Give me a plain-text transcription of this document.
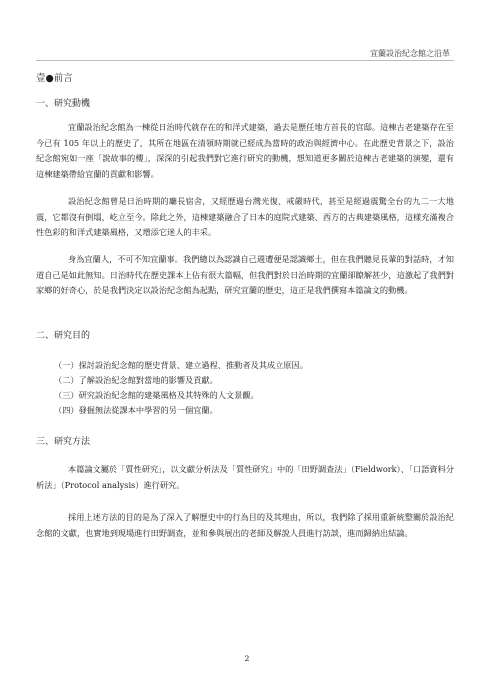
宜蘭設治紀念館之沿革
壹●前言
一、研究動機

宜蘭設治紀念館為一棟從日治時代就存在的和洋式建築，過去是歷任地方首長的官邸。這棟古老建築存在至今已有 105 年以上的歷史了，其所在地區在清領時期就已經成為當時的政治與經濟中心。在此歷史背景之下，設治紀念館宛如一座「說故事的樓」，深深的引起我們對它進行研究的動機，想知道更多關於這棟古老建築的演變，還有這棟建築帶給宜蘭的貢獻和影響。

設治紀念館曾是日治時期的廳長宿舍，又經歷過台灣光復、戒嚴時代，甚至是經過震驚全台的九二一大地震，它都沒有倒塌，屹立至今。除此之外，這棟建築融合了日本的庭院式建築、西方的古典建築風格，這樣充滿複合性色彩的和洋式建築風格，又增添它迷人的丰采。

身為宜蘭人，不可不知宜蘭事。我們總以為認識自己週遭便是認識鄉土，但在我們聽見長輩的對話時，才知道自己是如此無知。日治時代在歷史課本上佔有很大篇幅，但我們對於日治時期的宜蘭卻瞭解甚少，這激起了我們對家鄉的好奇心，於是我們決定以設治紀念館為起點，研究宜蘭的歷史，這正是我們撰寫本篇論文的動機。

二、研究目的
（一）探討設治紀念館的歷史背景、建立過程、推動者及其成立原因。
（二）了解設治紀念館對當地的影響及貢獻。
（三）研究設治紀念館的建築風格及其特殊的人文景觀。
（四）發掘無法從課本中學習的另一個宜蘭。
三、研究方法

本篇論文屬於「質性研究」，以文獻分析法及「質性研究」中的「田野調查法」（Fieldwork）、「口語資料分析法」（Protocol analysis）進行研究。

採用上述方法的目的是為了深入了解歷史中的行為目的及其理由，所以，我們除了採用重新統整關於設治紀念館的文獻，也實地到現場進行田野調查，並和參與展出的老師及解說人員進行訪談，進而歸納出結論。

2
